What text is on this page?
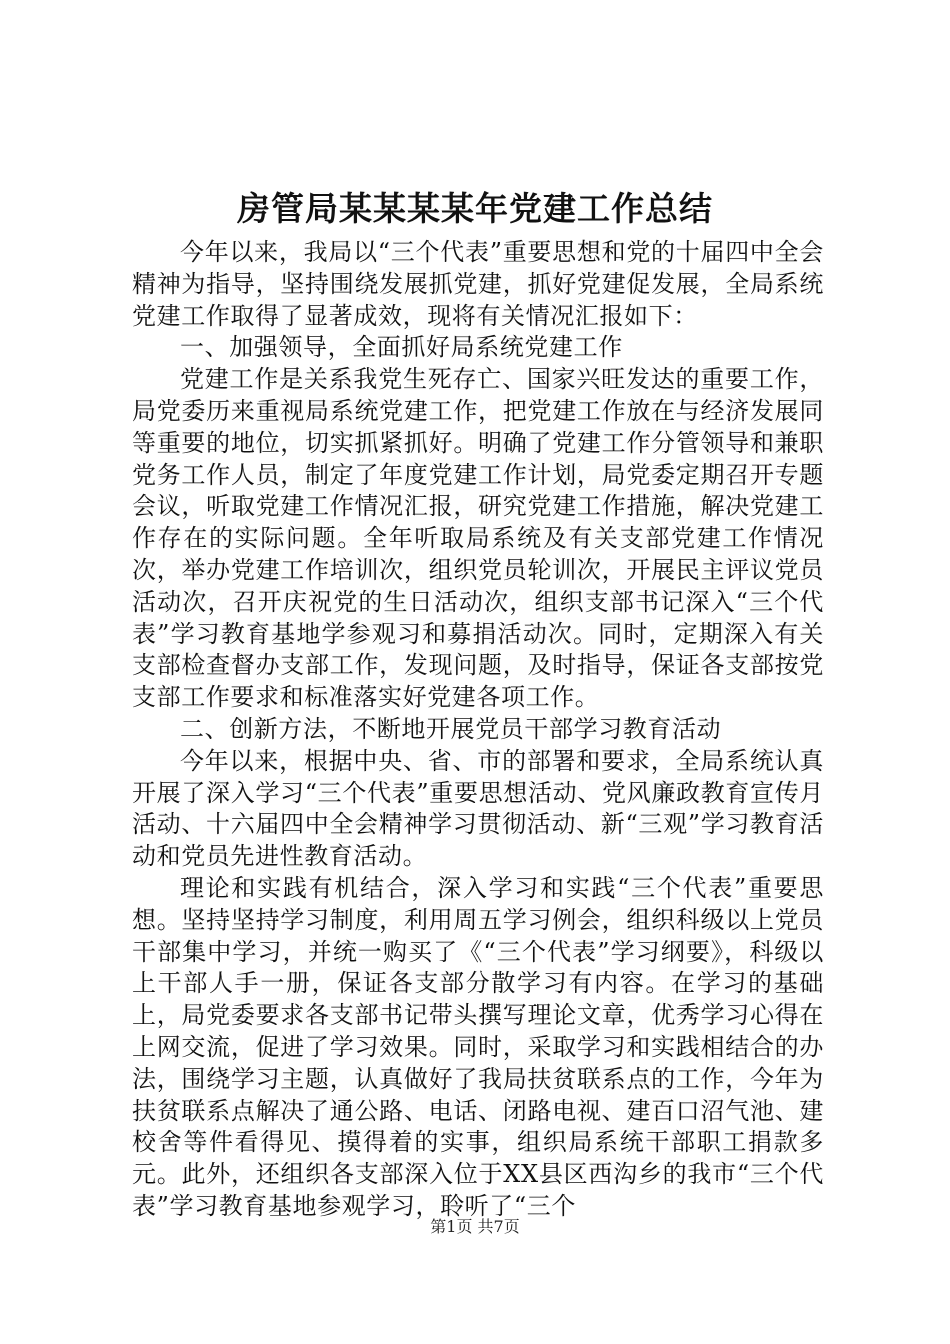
房管局某某某某年党建工作总结

今年以来，我局以“三个代表”重要思想和党的十届四中全会精神为指导，坚持围绕发展抓党建，抓好党建促发展，全局系统党建工作取得了显著成效，现将有关情况汇报如下：

一、加强领导，全面抓好局系统党建工作

党建工作是关系我党生死存亡、国家兴旺发达的重要工作，局党委历来重视局系统党建工作，把党建工作放在与经济发展同等重要的地位，切实抓紧抓好。明确了党建工作分管领导和兼职党务工作人员，制定了年度党建工作计划，局党委定期召开专题会议，听取党建工作情况汇报，研究党建工作措施，解决党建工作存在的实际问题。全年听取局系统及有关支部党建工作情况次，举办党建工作培训次，组织党员轮训次，开展民主评议党员活动次，召开庆祝党的生日活动次，组织支部书记深入“三个代表”学习教育基地学参观习和募捐活动次。同时，定期深入有关支部检查督办支部工作，发现问题，及时指导，保证各支部按党支部工作要求和标准落实好党建各项工作。

二、创新方法，不断地开展党员干部学习教育活动

今年以来，根据中央、省、市的部署和要求，全局系统认真开展了深入学习“三个代表”重要思想活动、党风廉政教育宣传月活动、十六届四中全会精神学习贯彻活动、新“三观”学习教育活动和党员先进性教育活动。

理论和实践有机结合，深入学习和实践“三个代表”重要思想。坚持坚持学习制度，利用周五学习例会，组织科级以上党员干部集中学习，并统一购买了《“三个代表”学习纲要》，科级以上干部人手一册，保证各支部分散学习有内容。在学习的基础上，局党委要求各支部书记带头撰写理论文章，优秀学习心得在上网交流，促进了学习效果。同时，采取学习和实践相结合的办法，围绕学习主题，认真做好了我局扶贫联系点的工作，今年为扶贫联系点解决了通公路、电话、闭路电视、建百口沼气池、建校舍等件看得见、摸得着的实事，组织局系统干部职工捐款多元。此外，还组织各支部深入位于XX县区西沟乡的我市“三个代表”学习教育基地参观学习，聆听了“三个

第1页 共7页
